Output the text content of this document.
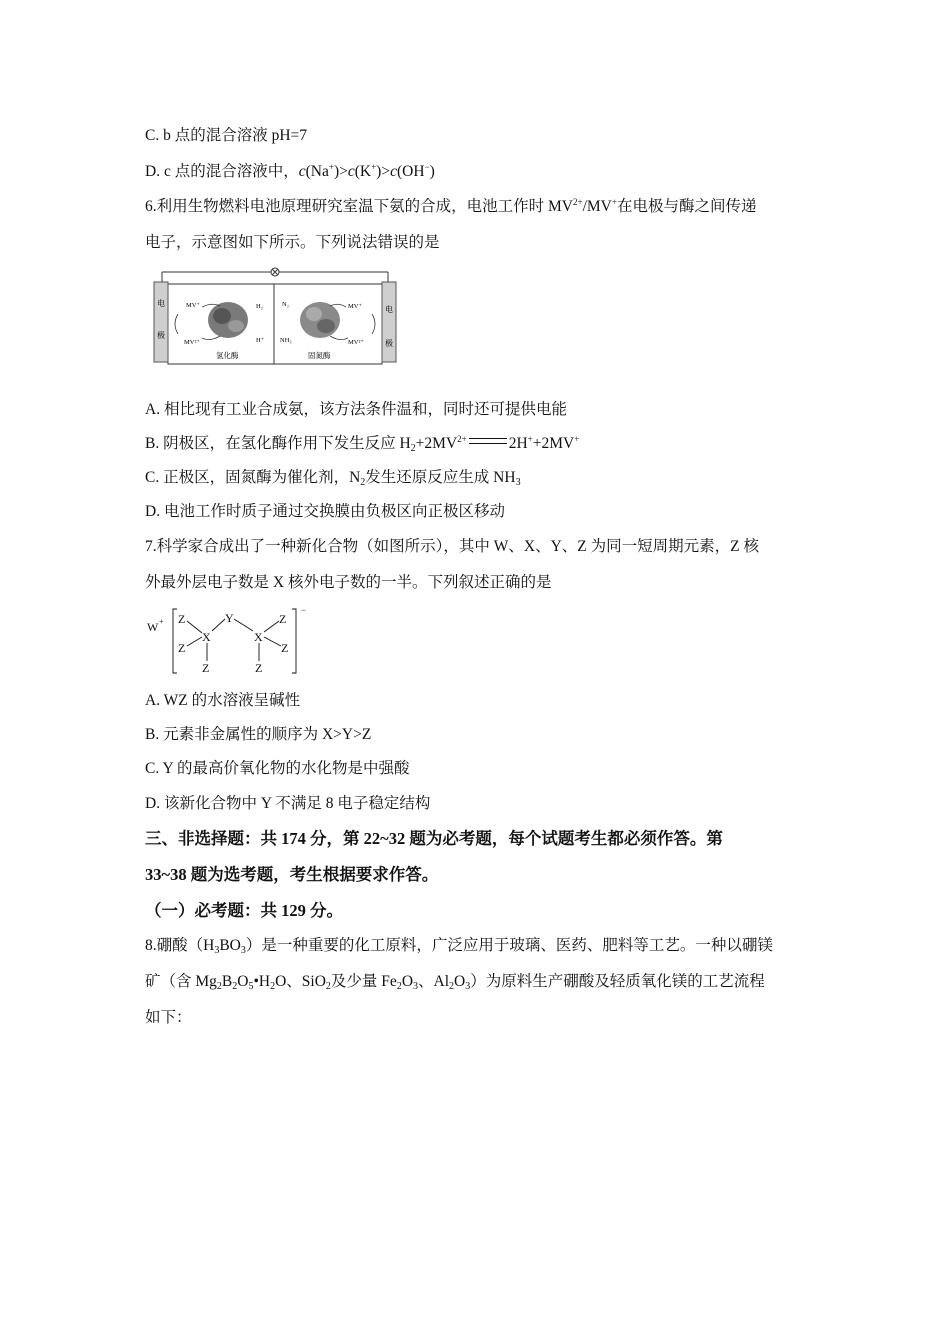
C. b 点的混合溶液 pH=7
D. c 点的混合溶液中，c(Na+)>c(K+)>c(OH−)
6.利用生物燃料电池原理研究室温下氨的合成，电池工作时 $MV^{2+}/MV^+$在电极与酶之间传递
电子，示意图如下所示。下列说法错误的是
电
极
电
极
MV⁺
MV²⁺
H₂
H⁺
氢化酶
N₂
NH₃
MV⁺
MV²⁺
固氮酶
A. 相比现有工业合成氨，该方法条件温和，同时还可提供电能
B. 阴极区，在氢化酶作用下发生反应 $H_2+2MV^{2+}$	2H++2MV+
C. 正极区，固氮酶为催化剂，$N_2$发生还原反应生成 $NH_3$
D. 电池工作时质子通过交换膜由负极区向正极区移动
7.科学家合成出了一种新化合物（如图所示），其中 W、X、Y、Z 为同一短周期元素，Z 核
外最外层电子数是 X 核外电子数的一半。下列叙述正确的是
W +
−
Z
Z
X
Z
Y
X
Z
Z
Z
A. WZ 的水溶液呈碱性
B. 元素非金属性的顺序为 X>Y>Z
C. Y 的最高价氧化物的水化物是中强酸
D. 该新化合物中 Y 不满足 8 电子稳定结构
三、非选择题：共 174 分，第 22~32 题为必考题，每个试题考生都必须作答。第
33~38 题为选考题，考生根据要求作答。
（一）必考题：共 129 分。
8.硼酸$(H_3BO_3)$是一种重要的化工原料，广泛应用于玻璃、医药、肥料等工艺。一种以硼镁
矿（含 $Mg_2B_2O_5•H_2O$、SiO$_2$及少量 $Fe_2O_3$、$Al_2O_3$）为原料生产硼酸及轻质氧化镁的工艺流程
如下：
